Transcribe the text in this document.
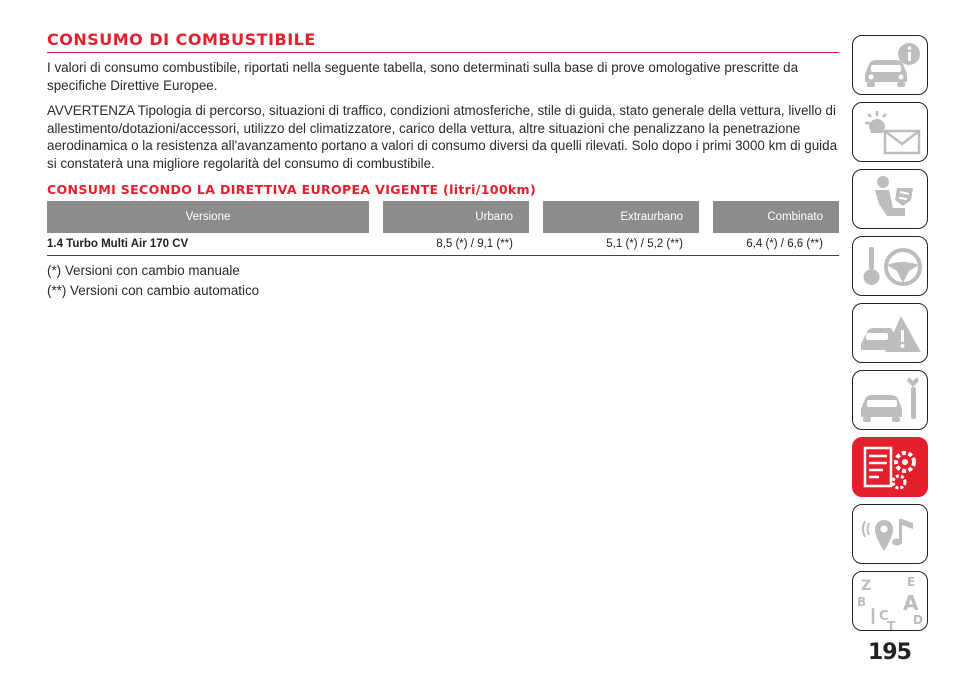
CONSUMO DI COMBUSTIBILE

I valori di consumo combustibile, riportati nella seguente tabella, sono determinati sulla base di prove omologative prescritte da specifiche Direttive Europee.

AVVERTENZA Tipologia di percorso, situazioni di traffico, condizioni atmosferiche, stile di guida, stato generale della vettura, livello di allestimento/dotazioni/accessori, utilizzo del climatizzatore, carico della vettura, altre situazioni che penalizzano la penetrazione aerodinamica o la resistenza all'avanzamento portano a valori di consumo diversi da quelli rilevati. Solo dopo i primi 3000 km di guida si constaterà una migliore regolarità del consumo di combustibile.

CONSUMI SECONDO LA DIRETTIVA EUROPEA VIGENTE (litri/100km)
Versione		Urbano		Extraurbano		Combinato
1.4 Turbo Multi Air 170 CV		8,5 (*) / 9,1 (**)		5,1 (*) / 5,2 (**)		6,4 (*) / 6,6 (**)

(*) Versioni con cambio manuale

(**) Versioni con cambio automatico

Z	E
B A
C D
T
195
